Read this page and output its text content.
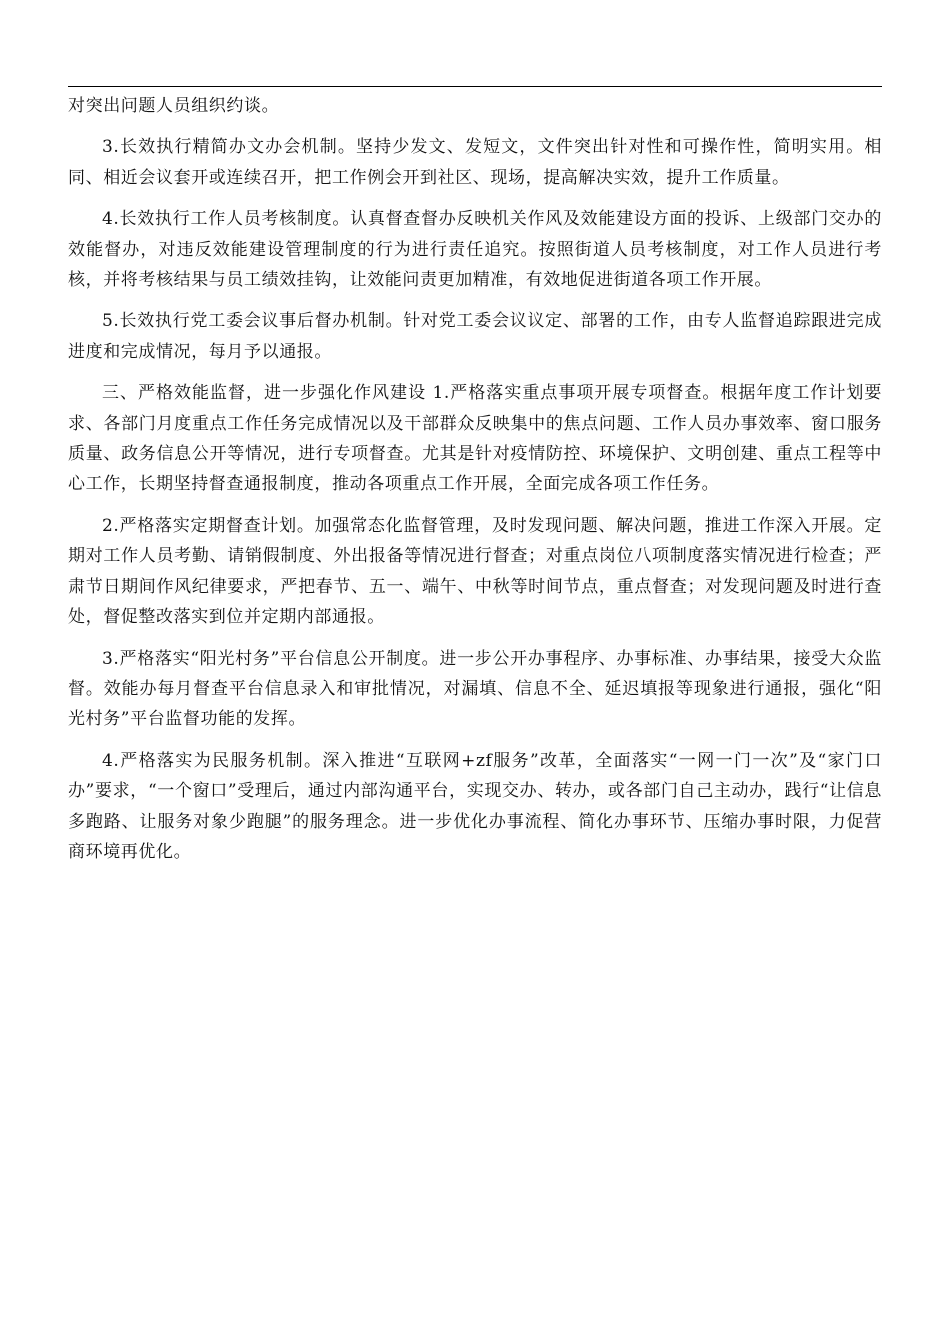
对突出问题人员组织约谈。

3.长效执行精简办文办会机制。坚持少发文、发短文，文件突出针对性和可操作性，简明实用。相同、相近会议套开或连续召开，把工作例会开到社区、现场，提高解决实效，提升工作质量。

4.长效执行工作人员考核制度。认真督查督办反映机关作风及效能建设方面的投诉、上级部门交办的效能督办，对违反效能建设管理制度的行为进行责任追究。按照街道人员考核制度，对工作人员进行考核，并将考核结果与员工绩效挂钩，让效能问责更加精准，有效地促进街道各项工作开展。

5.长效执行党工委会议事后督办机制。针对党工委会议议定、部署的工作，由专人监督追踪跟进完成进度和完成情况，每月予以通报。

三、严格效能监督，进一步强化作风建设 1.严格落实重点事项开展专项督查。根据年度工作计划要求、各部门月度重点工作任务完成情况以及干部群众反映集中的焦点问题、工作人员办事效率、窗口服务质量、政务信息公开等情况，进行专项督查。尤其是针对疫情防控、环境保护、文明创建、重点工程等中心工作，长期坚持督查通报制度，推动各项重点工作开展，全面完成各项工作任务。

2.严格落实定期督查计划。加强常态化监督管理，及时发现问题、解决问题，推进工作深入开展。定期对工作人员考勤、请销假制度、外出报备等情况进行督查；对重点岗位八项制度落实情况进行检查；严肃节日期间作风纪律要求，严把春节、五一、端午、中秋等时间节点，重点督查；对发现问题及时进行查处，督促整改落实到位并定期内部通报。

3.严格落实“阳光村务”平台信息公开制度。进一步公开办事程序、办事标准、办事结果，接受大众监督。效能办每月督查平台信息录入和审批情况，对漏填、信息不全、延迟填报等现象进行通报，强化“阳光村务”平台监督功能的发挥。

4.严格落实为民服务机制。深入推进“互联网+zf服务”改革，全面落实“一网一门一次”及“家门口办”要求，“一个窗口”受理后，通过内部沟通平台，实现交办、转办，或各部门自己主动办，践行“让信息多跑路、让服务对象少跑腿”的服务理念。进一步优化办事流程、简化办事环节、压缩办事时限，力促营商环境再优化。
